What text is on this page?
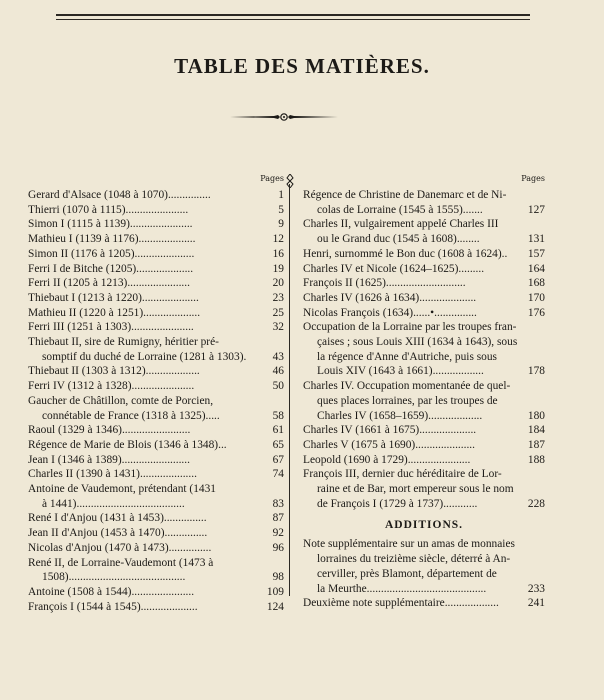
TABLE DES MATIÈRES.
Pages
Gerard d'Alsace (1048 à 1070)...............	1
Thierri (1070 à 1115)......................	5
Simon I (1115 à 1139)......................	9
Mathieu I (1139 à 1176)....................	12
Simon II (1176 à 1205).....................	16
Ferri I de Bitche (1205)....................	19
Ferri II (1205 à 1213)......................	20
Thiebaut I (1213 à 1220)....................	23
Mathieu II (1220 à 1251)....................	25
Ferri III (1251 à 1303)......................	32
Thiebaut II, sire de Rumigny, héritier pré-
somptif du duché de Lorraine (1281 à 1303).	43
Thiebaut II (1303 à 1312)...................	46
Ferri IV (1312 à 1328)......................	50
Gaucher de Châtillon, comte de Porcien,
connétable de France (1318 à 1325).....	58
Raoul (1329 à 1346)........................	61
Régence de Marie de Blois (1346 à 1348)...	65
Jean I (1346 à 1389)........................	67
Charles II (1390 à 1431)....................	74
Antoine de Vaudemont, prétendant (1431
à 1441)......................................	83
René I d'Anjou (1431 à 1453)...............	87
Jean II d'Anjou (1453 à 1470)...............	92
Nicolas d'Anjou (1470 à 1473)...............	96
René II, de Lorraine-Vaudemont (1473 à
1508).........................................	98
Antoine (1508 à 1544)......................	109
François I (1544 à 1545)....................	124
Pages
Régence de Christine de Danemarc et de Ni-
colas de Lorraine (1545 à 1555).......	127
Charles II, vulgairement appelé Charles III
ou le Grand duc (1545 à 1608)........	131
Henri, surnommé le Bon duc (1608 à 1624)..	157
Charles IV et Nicole (1624–1625).........	164
François II (1625)............................	168
Charles IV (1626 à 1634)....................	170
Nicolas François (1634)......•...............	176
Occupation de la Lorraine par les troupes fran-
çaises ; sous Louis XIII (1634 à 1643), sous
la régence d'Anne d'Autriche, puis sous
Louis XIV (1643 à 1661)..................	178
Charles IV. Occupation momentanée de quel-
ques places lorraines, par les troupes de
Charles IV (1658–1659)...................	180
Charles IV (1661 à 1675)....................	184
Charles V (1675 à 1690).....................	187
Leopold (1690 à 1729)......................	188
François III, dernier duc héréditaire de Lor-
raine et de Bar, mort empereur sous le nom
de François I (1729 à 1737)............	228
ADDITIONS.
Note supplémentaire sur un amas de monnaies
lorraines du treizième siècle, déterré à An-
cerviller, près Blamont, département de
la Meurthe..........................................	233
Deuxième note supplémentaire...................	241
